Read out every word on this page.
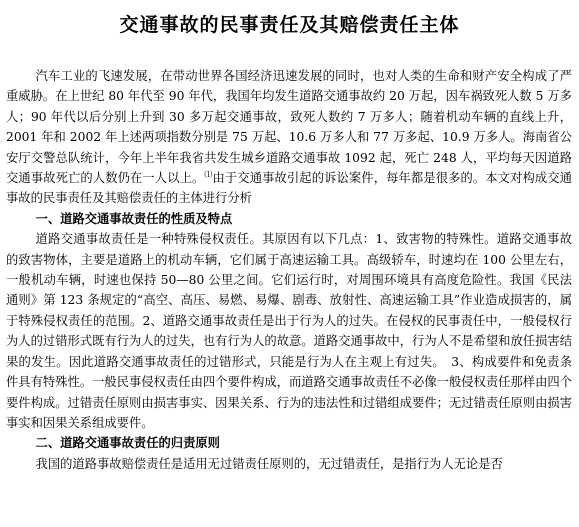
交通事故的民事责任及其赔偿责任主体

汽车工业的飞速发展，在带动世界各国经济迅速发展的同时，也对人类的生命和财产安全构成了严重威胁。在上世纪 80 年代至 90 年代，我国年均发生道路交通事故约 20 万起，因车祸致死人数 5 万多人；90 年代以后分别上升到 30 多万起交通事故，致死人数约 7 万多人；随着机动车辆的直线上升，2001 年和 2002 年上述两项指数分别是 75 万起、10.6 万多人和 77 万多起、10.9 万多人。海南省公安厅交警总队统计，今年上半年我省共发生城乡道路交通事故 1092 起，死亡 248 人，平均每天因道路交通事故死亡的人数仍在一人以上。⑴由于交通事故引起的诉讼案件，每年都是很多的。本文对构成交通事故的民事责任及其赔偿责任的主体进行分析

一、道路交通事故责任的性质及特点

道路交通事故责任是一种特殊侵权责任。其原因有以下几点：1、致害物的特殊性。道路交通事故的致害物体，主要是道路上的机动车辆，它们属于高速运输工具。高级轿车，时速均在 100 公里左右，一般机动车辆，时速也保持 50—80 公里之间。它们运行时，对周围环境具有高度危险性。我国《民法通则》第 123 条规定的“高空、高压、易燃、易爆、剧毒、放射性、高速运输工具”作业造成损害的，属于特殊侵权责任的范围。2、道路交通事故责任是出于行为人的过失。在侵权的民事责任中，一般侵权行为人的过错形式既有行为人的过失，也有行为人的故意。道路交通事故中，行为人不是希望和放任损害结果的发生。因此道路交通事故责任的过错形式，只能是行为人在主观上有过失。　3、构成要件和免责条件具有特殊性。一般民事侵权责任由四个要件构成，而道路交通事故责任不必像一般侵权责任那样由四个要件构成。过错责任原则由损害事实、因果关系、行为的违法性和过错组成要件；无过错责任原则由损害事实和因果关系组成要件。

二、道路交通事故责任的归责原则

我国的道路事故赔偿责任是适用无过错责任原则的，无过错责任，是指行为人无论是否
